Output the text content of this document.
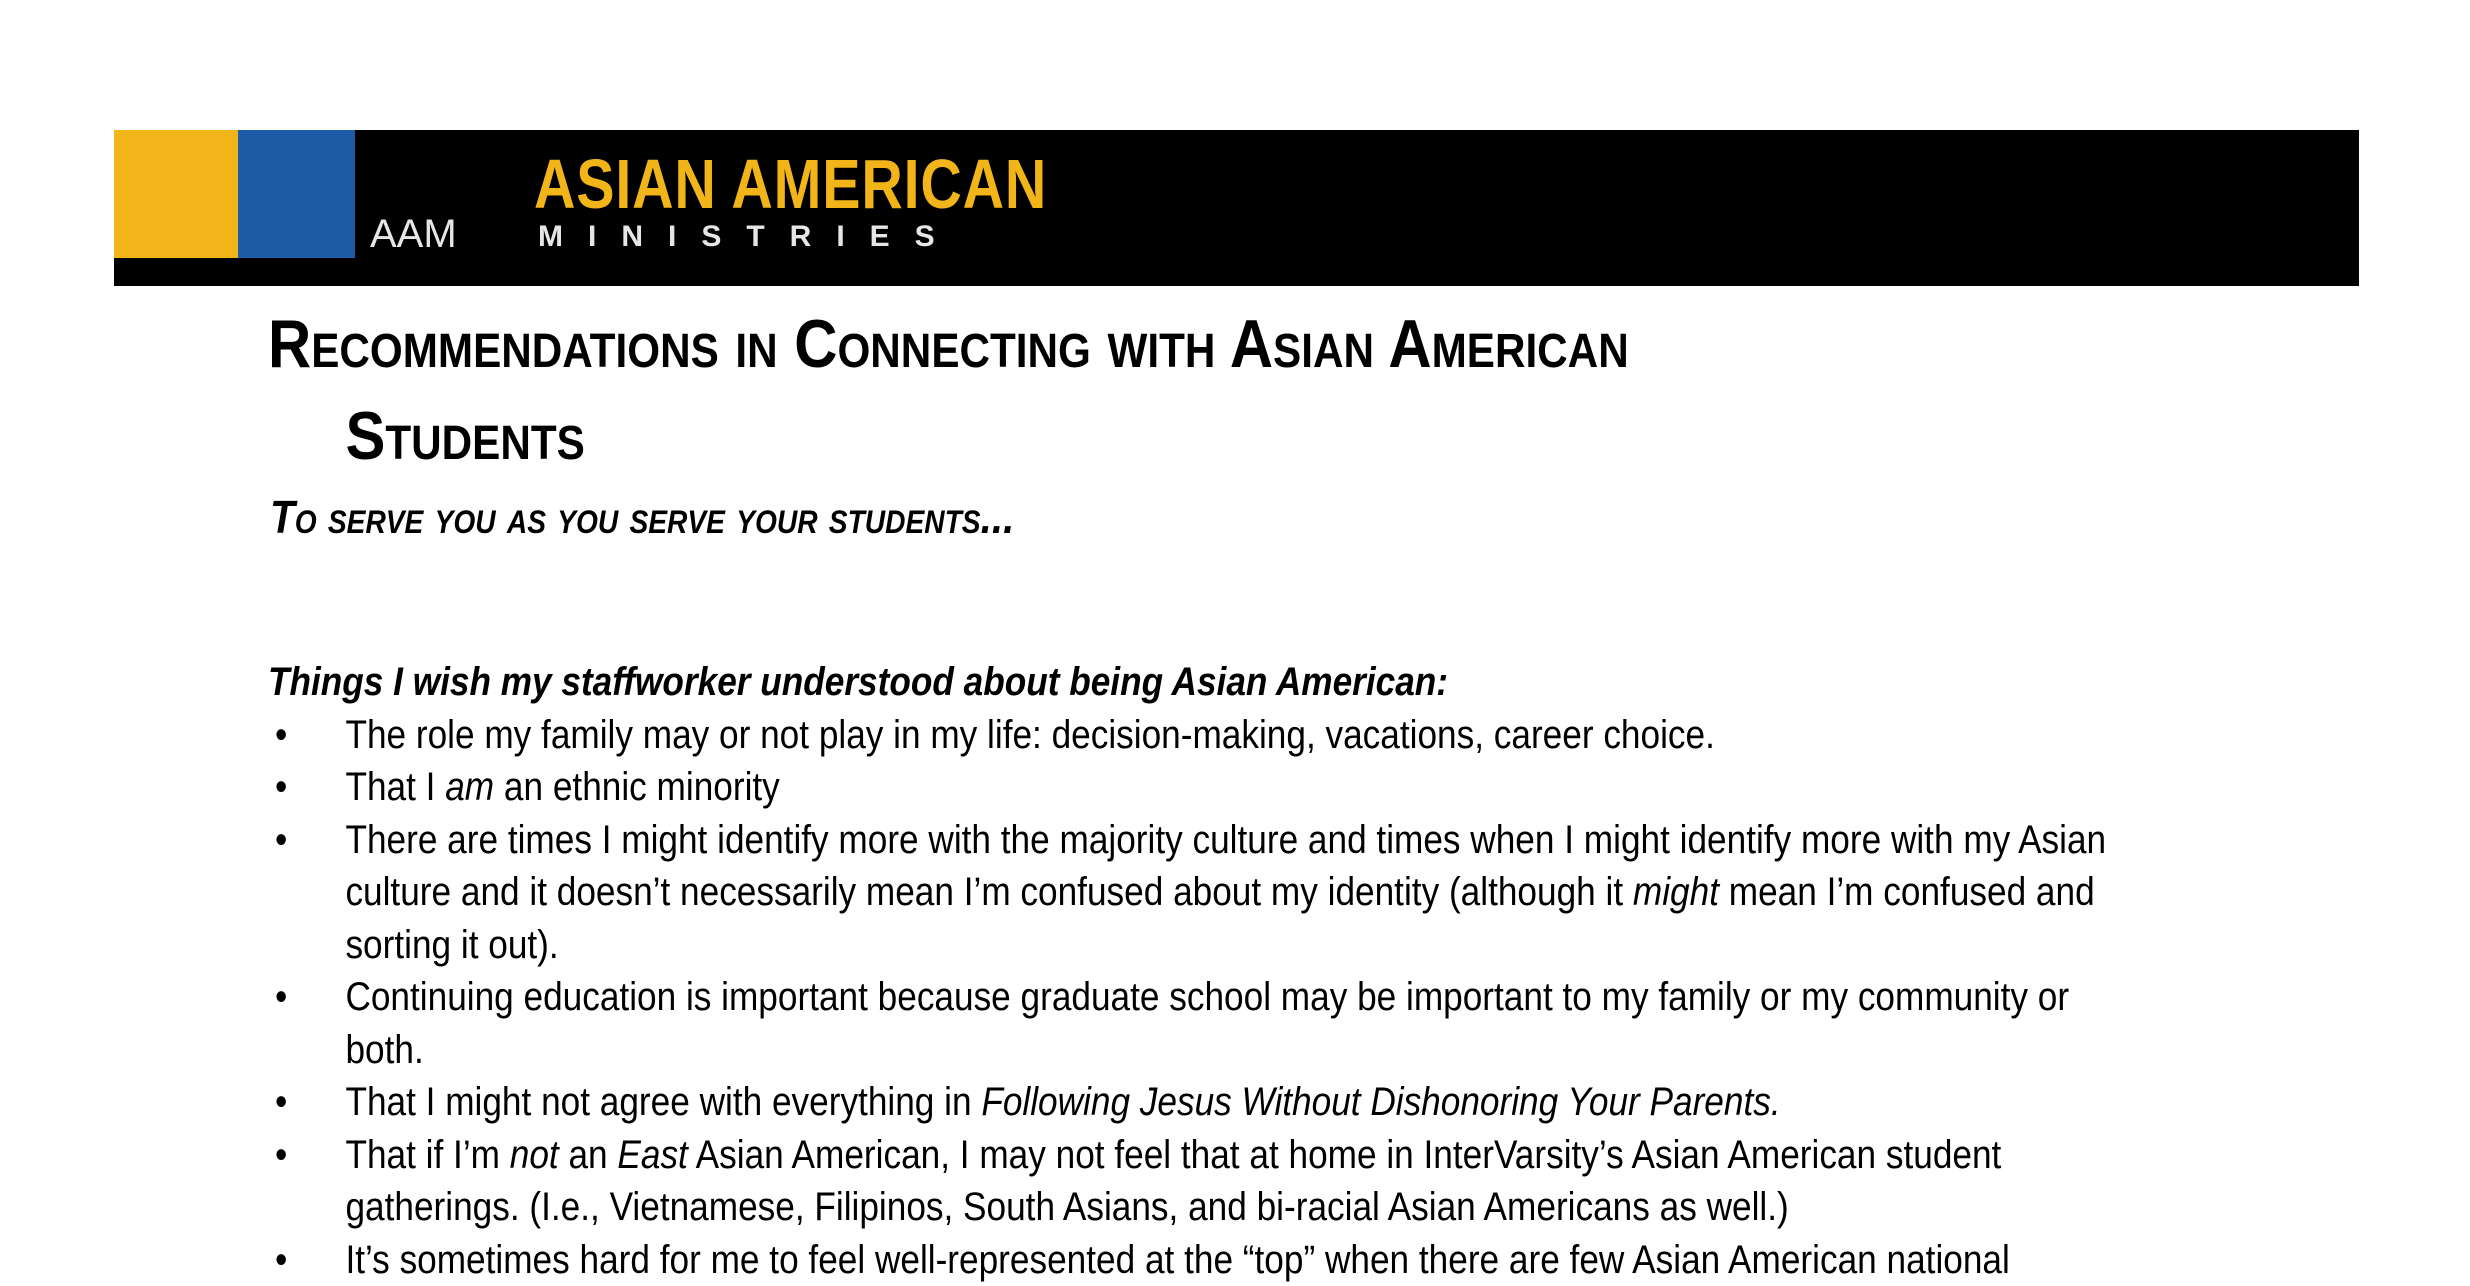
AAM
ASIAN AMERICAN
MINISTRIES
Recommendations in Connecting with Asian American
Students
To serve you as you serve your students...

Things I wish my staffworker understood about being Asian American:

• The role my family may or not play in my life: decision-making, vacations, career choice.
• That I am an ethnic minority
• There are times I might identify more with the majority culture and times when I might identify more with my Asian culture and it doesn’t necessarily mean I’m confused about my identity (although it might mean I’m confused and sorting it out).
• Continuing education is important because graduate school may be important to my family or my community or both.
• That I might not agree with everything in Following Jesus Without Dishonoring Your Parents.
• That if I’m not an East Asian American, I may not feel that at home in InterVarsity’s Asian American student gatherings. (I.e., Vietnamese, Filipinos, South Asians, and bi-racial Asian Americans as well.)
• It’s sometimes hard for me to feel well-represented at the “top” when there are few Asian American national
